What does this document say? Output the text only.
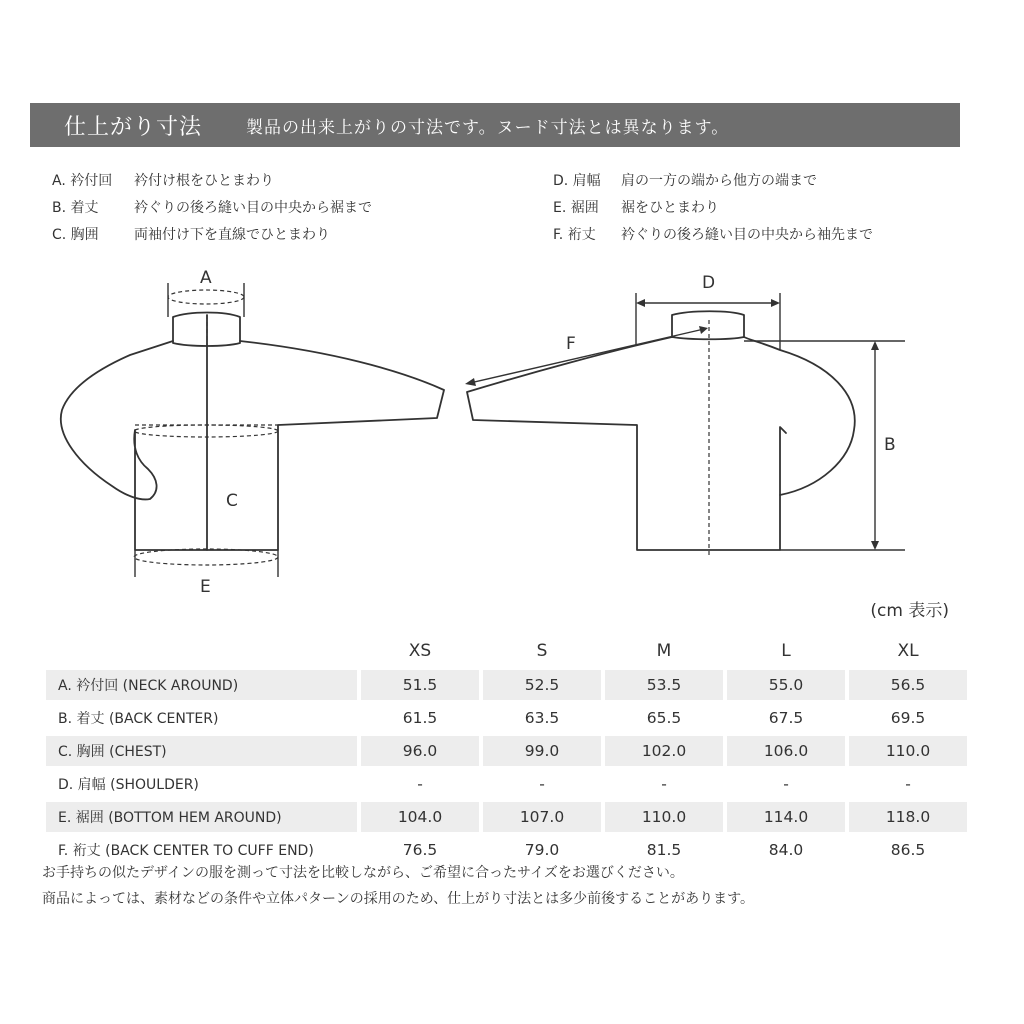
仕上がり寸法	製品の出来上がりの寸法です。ヌード寸法とは異なります。
A. 衿付回 衿付け根をひとまわり
B. 着丈	衿ぐりの後ろ縫い目の中央から裾まで
C. 胸囲	両袖付け下を直線でひとまわり
D. 肩幅 肩の一方の端から他方の端まで
E. 裾囲 裾をひとまわり
F. 裄丈 衿ぐりの後ろ縫い目の中央から袖先まで
A
C
E
D
F
B
(cm 表示)
	XS	S	M	L	XL
A. 衿付回 (NECK AROUND)	51.5	52.5	53.5	55.0	56.5
B. 着丈 (BACK CENTER)	61.5	63.5	65.5	67.5	69.5
C. 胸囲 (CHEST)	96.0	99.0	102.0	106.0	110.0
D. 肩幅 (SHOULDER)	-	-	-	-	-
E. 裾囲 (BOTTOM HEM AROUND)	104.0	107.0	110.0	114.0	118.0
F. 裄丈 (BACK CENTER TO CUFF END)	76.5	79.0	81.5	84.0	86.5
お手持ちの似たデザインの服を測って寸法を比較しながら、ご希望に合ったサイズをお選びください。
商品によっては、素材などの条件や立体パターンの採用のため、仕上がり寸法とは多少前後することがあります。
